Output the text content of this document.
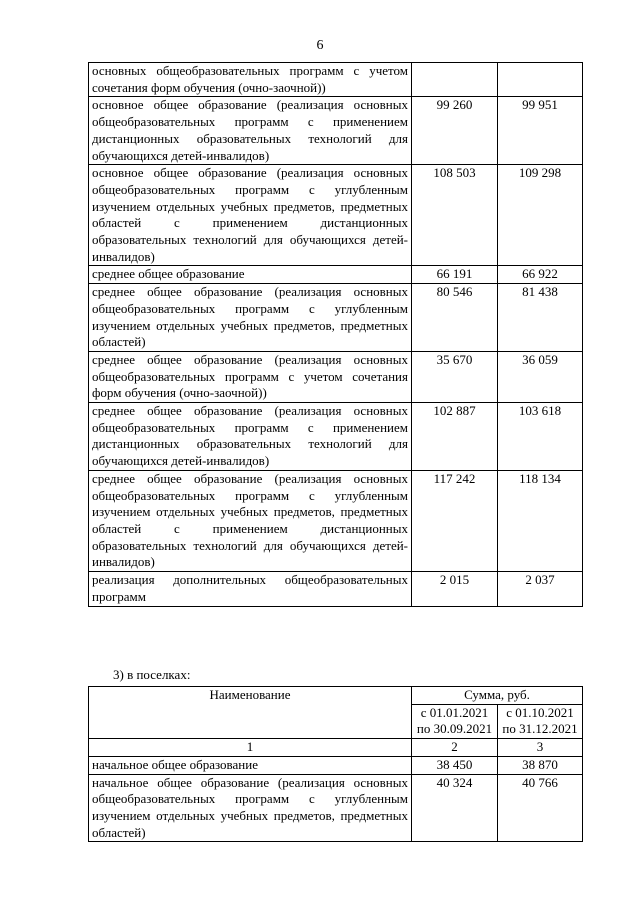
6
основных общеобразовательных программ с учетом сочетания форм обучения (очно-заочной))		
основное общее образование (реализация основных общеобразовательных программ с применением дистанционных образовательных технологий для обучающихся детей-инвалидов)	99 260	99 951
основное общее образование (реализация основных общеобразовательных программ с углубленным изучением отдельных учебных предметов, предметных областей с применением дистанционных образовательных технологий для обучающихся детей-инвалидов)	108 503	109 298
среднее общее образование	66 191	66 922
среднее общее образование (реализация основных общеобразовательных программ с углубленным изучением отдельных учебных предметов, предметных областей)	80 546	81 438
среднее общее образование (реализация основных общеобразовательных программ с учетом сочетания форм обучения (очно-заочной))	35 670	36 059
среднее общее образование (реализация основных общеобразовательных программ с применением дистанционных образовательных технологий для обучающихся детей-инвалидов)	102 887	103 618
среднее общее образование (реализация основных общеобразовательных программ с углубленным изучением отдельных учебных предметов, предметных областей с применением дистанционных образовательных технологий для обучающихся детей-инвалидов)	117 242	118 134
реализация дополнительных общеобразовательных программ	2 015	2 037
3) в поселках:
Наименование	Сумма, руб.	
	с 01.01.2021 по 30.09.2021	с 01.10.2021 по 31.12.2021
1	2	3
начальное общее образование	38 450	38 870
начальное общее образование (реализация основных общеобразовательных программ с углубленным изучением отдельных учебных предметов, предметных областей)	40 324	40 766
